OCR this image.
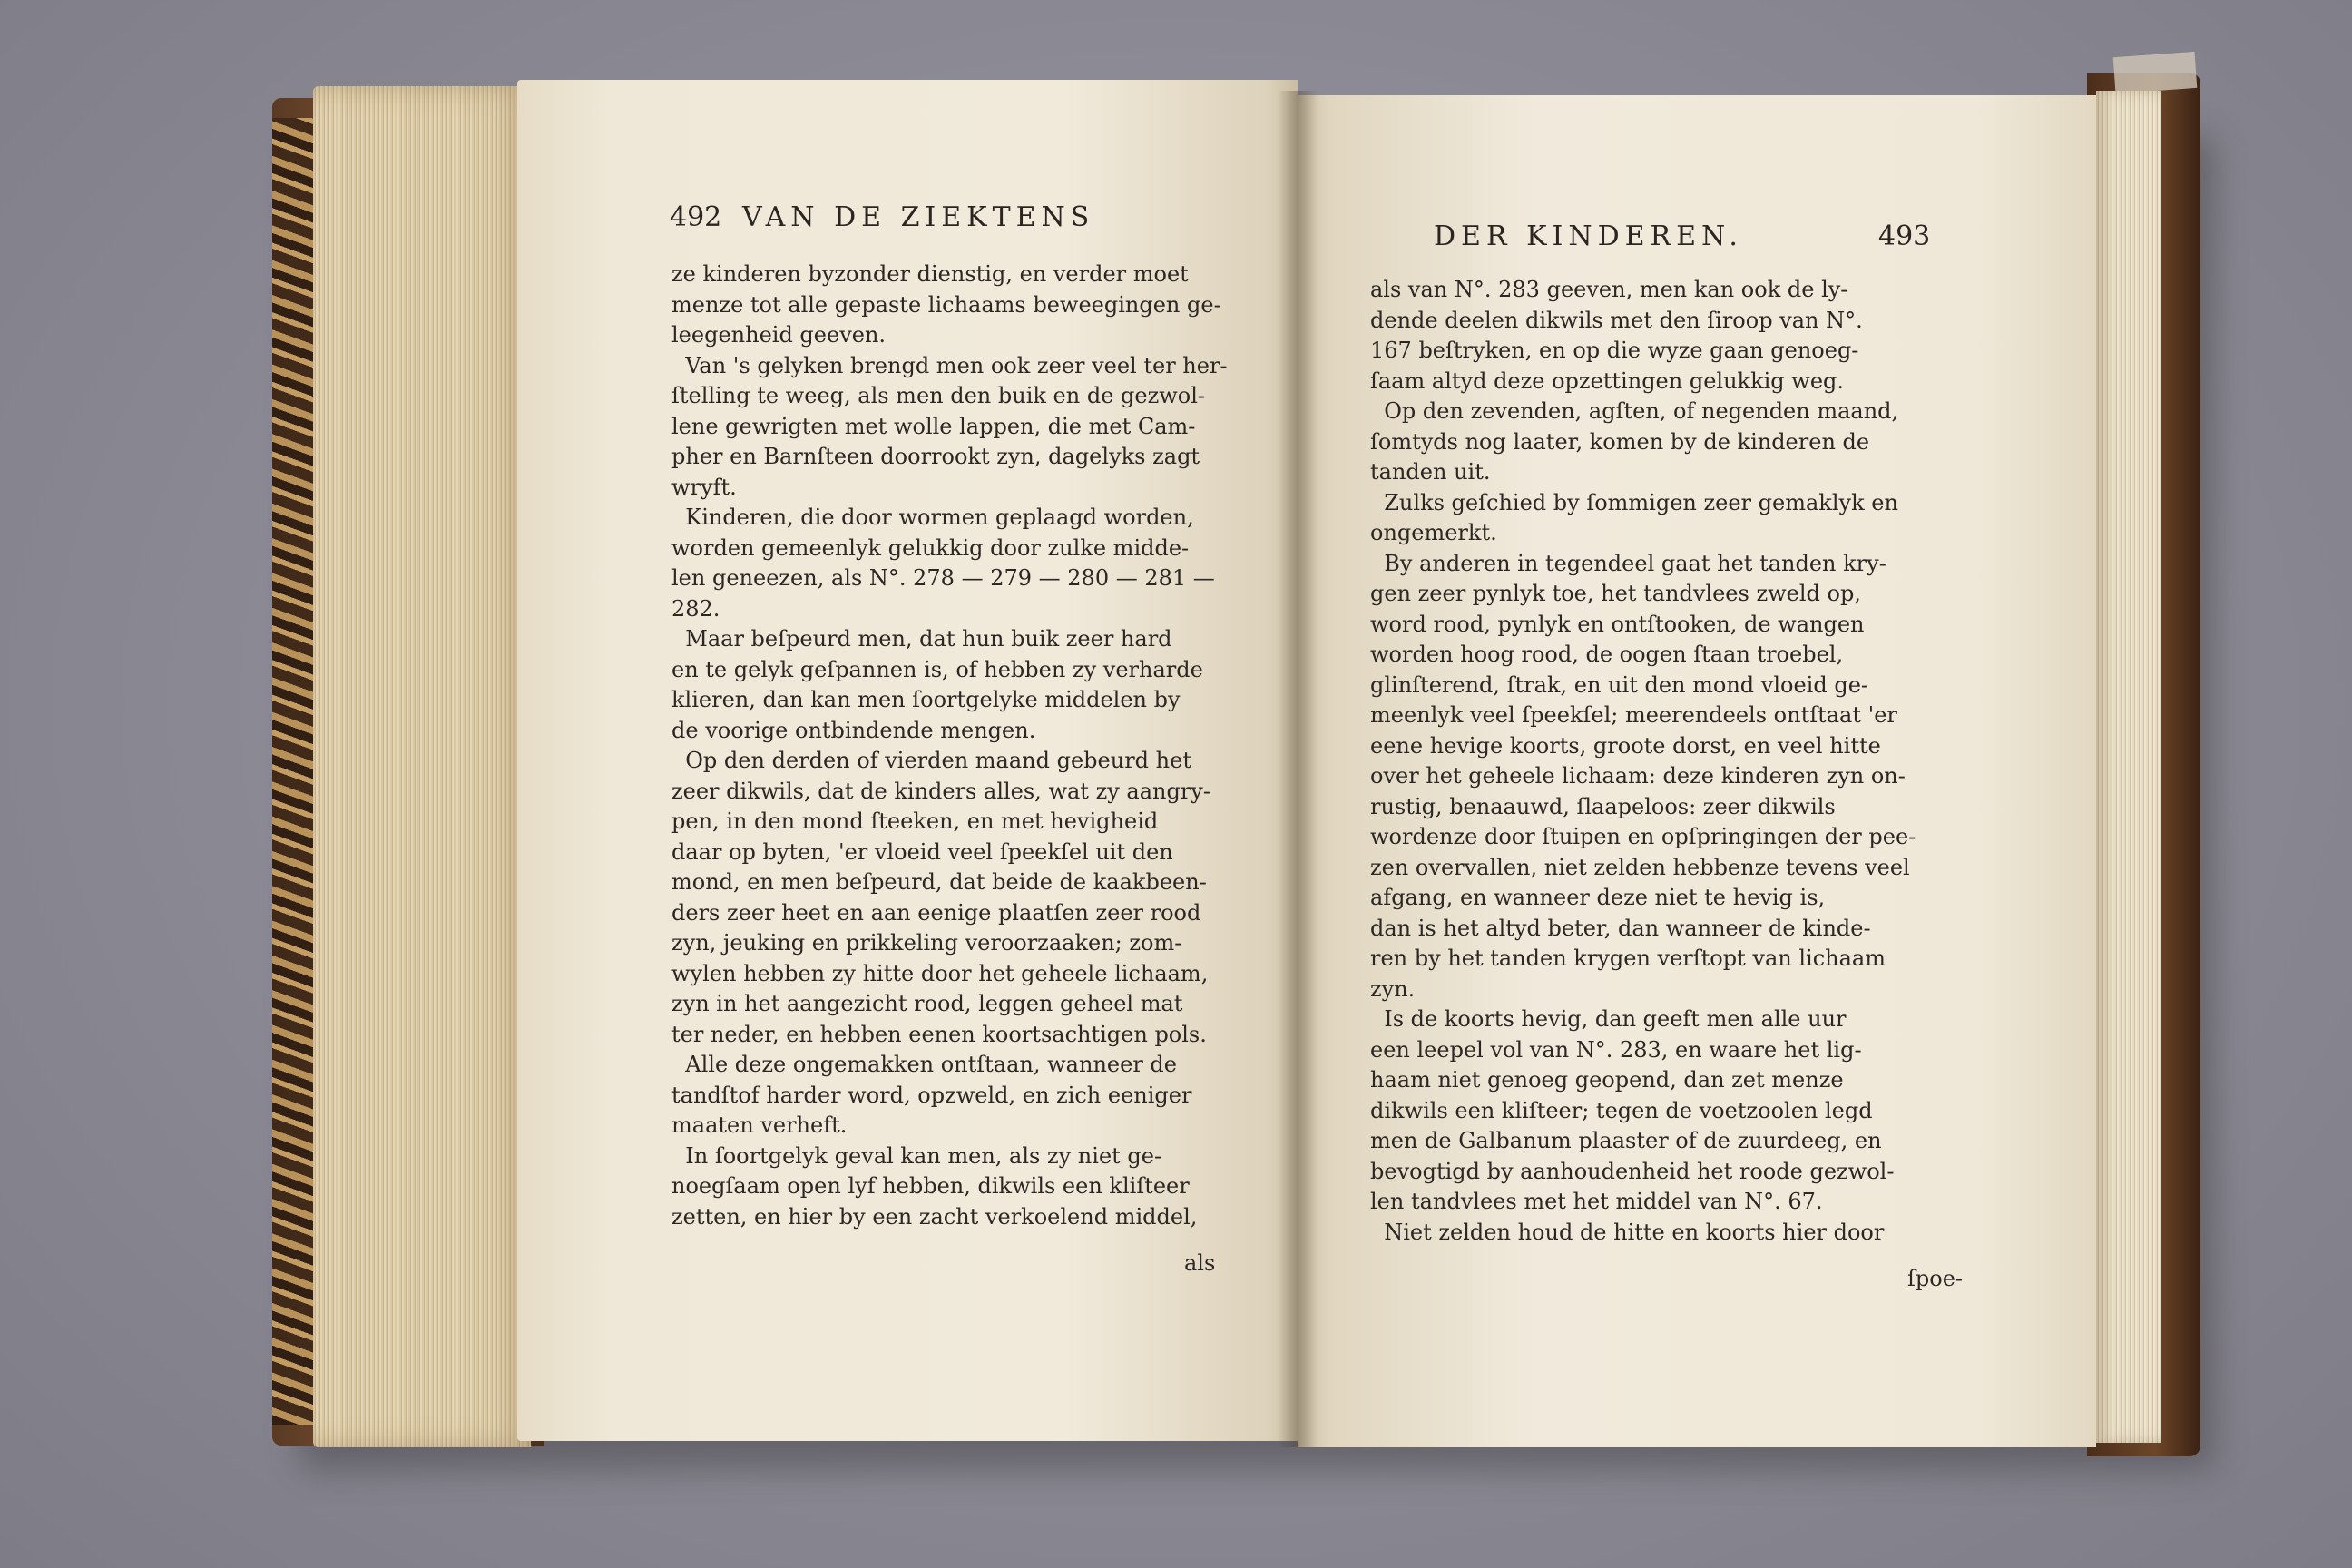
492 VAN DE ZIEKTENS
ze kinderen byzonder dienstig, en verder moet
menze tot alle gepaste lichaams beweegingen ge-
leegenheid geeven.
Van 's gelyken brengd men ook zeer veel ter her-
ſtelling te weeg, als men den buik en de gezwol-
lene gewrigten met wolle lappen, die met Cam-
pher en Barnſteen doorrookt zyn, dagelyks zagt
wryft.
Kinderen, die door wormen geplaagd worden,
worden gemeenlyk gelukkig door zulke midde-
len geneezen, als N°. 278 — 279 — 280 — 281 —
282.
Maar beſpeurd men, dat hun buik zeer hard
en te gelyk geſpannen is, of hebben zy verharde
klieren, dan kan men ſoortgelyke middelen by
de voorige ontbindende mengen.
Op den derden of vierden maand gebeurd het
zeer dikwils, dat de kinders alles, wat zy aangry-
pen, in den mond ſteeken, en met hevigheid
daar op byten, 'er vloeid veel ſpeekſel uit den
mond, en men beſpeurd, dat beide de kaakbeen-
ders zeer heet en aan eenige plaatſen zeer rood
zyn, jeuking en prikkeling veroorzaaken; zom-
wylen hebben zy hitte door het geheele lichaam,
zyn in het aangezicht rood, leggen geheel mat
ter neder, en hebben eenen koortsachtigen pols.
Alle deze ongemakken ontſtaan, wanneer de
tandſtof harder word, opzweld, en zich eeniger
maaten verheft.
In ſoortgelyk geval kan men, als zy niet ge-
noegſaam open lyf hebben, dikwils een kliſteer
zetten, en hier by een zacht verkoelend middel,
als
DER KINDEREN.	493
als van N°. 283 geeven, men kan ook de ly-
dende deelen dikwils met den ſiroop van N°.
167 beſtryken, en op die wyze gaan genoeg-
ſaam altyd deze opzettingen gelukkig weg.
Op den zevenden, agſten, of negenden maand,
ſomtyds nog laater, komen by de kinderen de
tanden uit.
Zulks geſchied by ſommigen zeer gemaklyk en
ongemerkt.
By anderen in tegendeel gaat het tanden kry-
gen zeer pynlyk toe, het tandvlees zweld op,
word rood, pynlyk en ontſtooken, de wangen
worden hoog rood, de oogen ſtaan troebel,
glinſterend, ſtrak, en uit den mond vloeid ge-
meenlyk veel ſpeekſel; meerendeels ontſtaat 'er
eene hevige koorts, groote dorst, en veel hitte
over het geheele lichaam: deze kinderen zyn on-
rustig, benaauwd, ſlaapeloos: zeer dikwils
wordenze door ſtuipen en opſpringingen der pee-
zen overvallen, niet zelden hebbenze tevens veel
afgang, en wanneer deze niet te hevig is,
dan is het altyd beter, dan wanneer de kinde-
ren by het tanden krygen verſtopt van lichaam
zyn.
Is de koorts hevig, dan geeft men alle uur
een leepel vol van N°. 283, en waare het lig-
haam niet genoeg geopend, dan zet menze
dikwils een kliſteer; tegen de voetzoolen legd
men de Galbanum plaaster of de zuurdeeg, en
bevogtigd by aanhoudenheid het roode gezwol-
len tandvlees met het middel van N°. 67.
Niet zelden houd de hitte en koorts hier door
ſpoe-
